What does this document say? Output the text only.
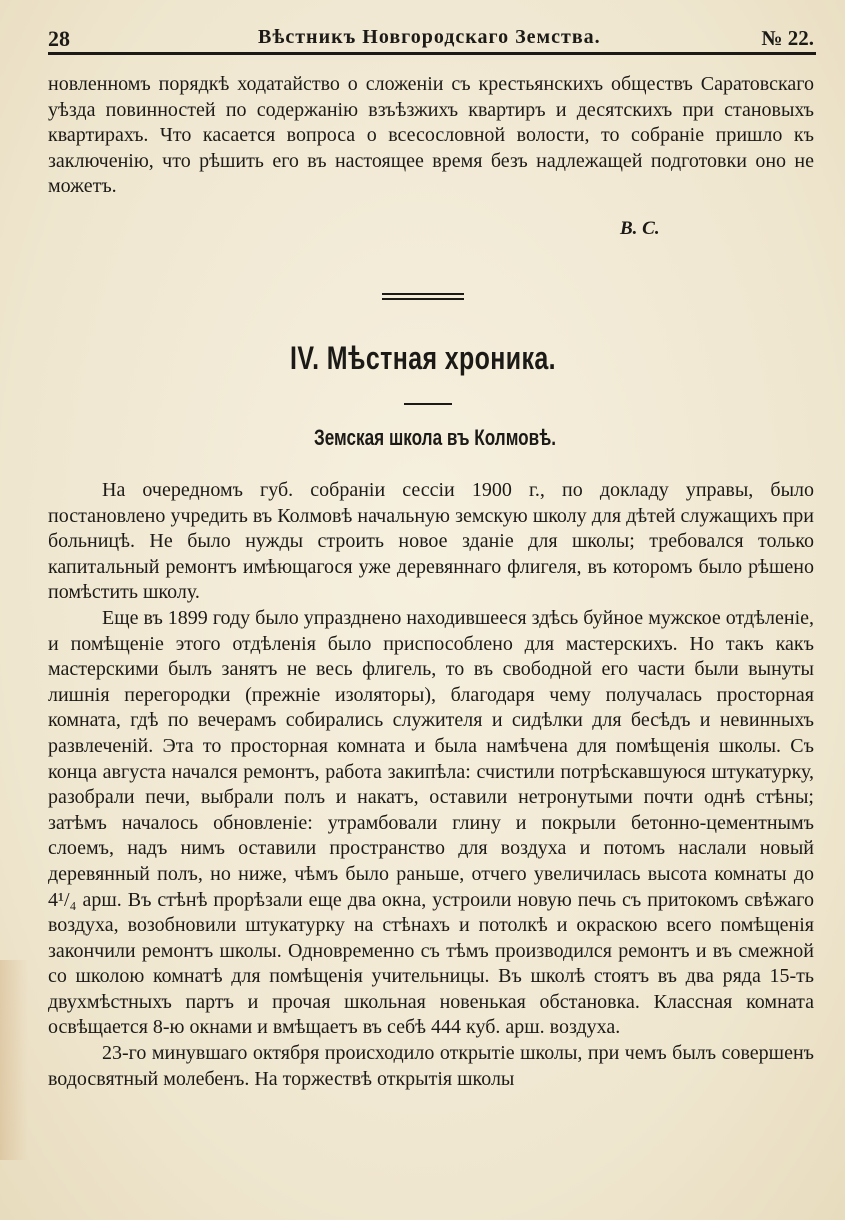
28	Вѣстникъ Новгородскаго Земства.	№ 22.

новленномъ порядкѣ ходатайство о сложенiи съ крестьянскихъ обществъ Саратовскаго уѣзда повинностей по содержанiю взъѣзжихъ квартиръ и десятскихъ при становыхъ квартирахъ. Что касается вопроса о всесословной волости, то собранiе пришло къ заключенiю, что рѣшить его въ настоящее время безъ надлежащей подготовки оно не можетъ.

В. С.
IV. Мѣстная хроника.
Земская школа въ Колмовѣ.

На очередномъ губ. собранiи сессiи 1900 г., по докладу управы, было постановлено учредить въ Колмовѣ начальную земскую школу для дѣтей служащихъ при больницѣ. Не было нужды строить новое зданiе для школы; требовался только капитальный ремонтъ имѣющагося уже деревяннаго флигеля, въ которомъ было рѣшено помѣстить школу.

Еще въ 1899 году было упразднено находившееся здѣсь буйное мужское отдѣленiе, и помѣщенiе этого отдѣленiя было приспособлено для мастерскихъ. Но такъ какъ мастерскими былъ занятъ не весь флигель, то въ свободной его части были вынуты лишнiя перегородки (прежнiе изоляторы), благодаря чему получалась просторная комната, гдѣ по вечерамъ собирались служителя и сидѣлки для бесѣдъ и невинныхъ развлеченiй. Эта то просторная комната и была намѣчена для помѣщенiя школы. Съ конца августа начался ремонтъ, работа закипѣла: счистили потрѣскавшуюся штукатурку, разобрали печи, выбрали полъ и накатъ, оставили нетронутыми почти однѣ стѣны; затѣмъ началось обновленiе: утрамбовали глину и покрыли бетонно-цементнымъ слоемъ, надъ нимъ оставили пространство для воздуха и потомъ наслали новый деревянный полъ, но ниже, чѣмъ было раньше, отчего увеличилась высота комнаты до 4¹/₄ арш. Въ стѣнѣ прорѣзали еще два окна, устроили новую печь съ притокомъ свѣжаго воздуха, возобновили штукатурку на стѣнахъ и потолкѣ и окраскою всего помѣщенiя закончили ремонтъ школы. Одновременно съ тѣмъ производился ремонтъ и въ смежной со школою комнатѣ для помѣщенiя учительницы. Въ школѣ стоятъ въ два ряда 15-ть двухмѣстныхъ партъ и прочая школьная новенькая обстановка. Классная комната освѣщается 8-ю окнами и вмѣщаетъ въ себѣ 444 куб. арш. воздуха.

23-го минувшаго октября происходило открытiе школы, при чемъ былъ совершенъ водосвятный молебенъ. На торжествѣ открытiя школы
